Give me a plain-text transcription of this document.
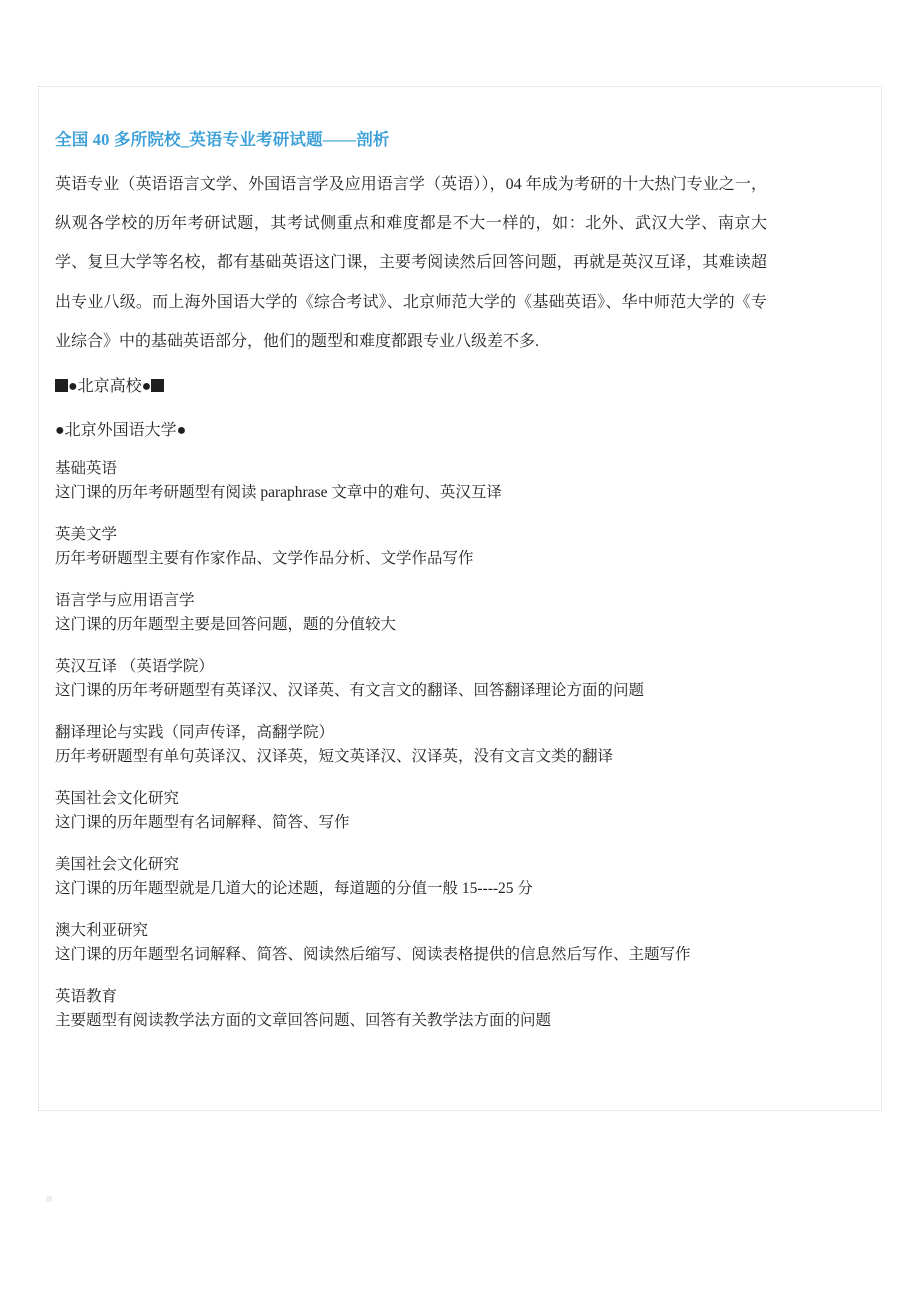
全国 40 多所院校_英语专业考研试题——剖析

英语专业（英语语言文学、外国语言学及应用语言学（英语）），04 年成为考研的十大热门专业之一，纵观各学校的历年考研试题，其考试侧重点和难度都是不大一样的，如：北外、武汉大学、南京大学、复旦大学等名校，都有基础英语这门课，主要考阅读然后回答问题，再就是英汉互译，其难读超出专业八级。而上海外国语大学的《综合考试》、北京师范大学的《基础英语》、华中师范大学的《专业综合》中的基础英语部分，他们的题型和难度都跟专业八级差不多.

●北京高校●
●北京外国语大学●
基础英语
这门课的历年考研题型有阅读 paraphrase 文章中的难句、英汉互译
英美文学
历年考研题型主要有作家作品、文学作品分析、文学作品写作
语言学与应用语言学
这门课的历年题型主要是回答问题，题的分值较大
英汉互译 （英语学院）
这门课的历年考研题型有英译汉、汉译英、有文言文的翻译、回答翻译理论方面的问题
翻译理论与实践（同声传译，高翻学院）
历年考研题型有单句英译汉、汉译英，短文英译汉、汉译英，没有文言文类的翻译
英国社会文化研究
这门课的历年题型有名词解释、简答、写作
美国社会文化研究
这门课的历年题型就是几道大的论述题，每道题的分值一般 15----25 分
澳大利亚研究
这门课的历年题型名词解释、简答、阅读然后缩写、阅读表格提供的信息然后写作、主题写作
英语教育
主要题型有阅读教学法方面的文章回答问题、回答有关教学法方面的问题
